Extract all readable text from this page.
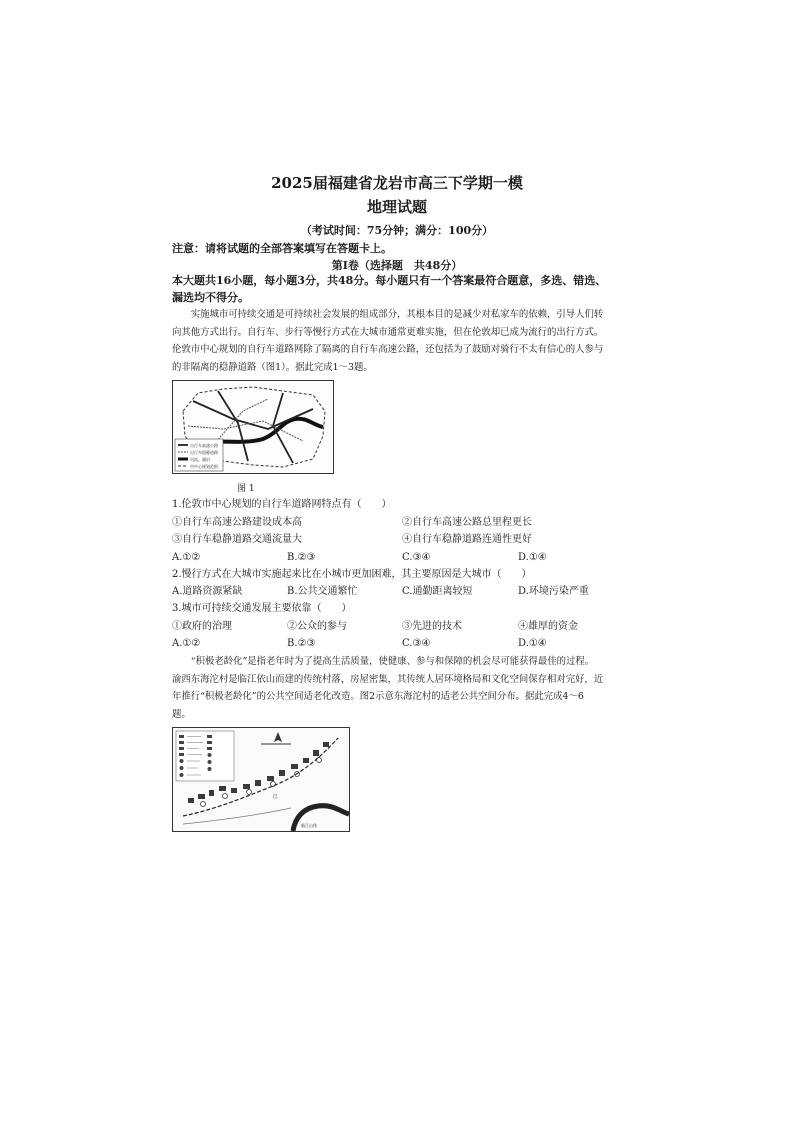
2025届福建省龙岩市高三下学期一模
地理试题
（考试时间：75分钟；满分：100分）
注意：请将试题的全部答案填写在答题卡上。
第Ⅰ卷（选择题　共48分）
本大题共16小题，每小题3分，共48分。每小题只有一个答案最符合题意，多选、错选、
漏选均不得分。
实施城市可持续交通是可持续社会发展的组成部分，其根本目的是减少对私家车的依赖，引导人们转
向其他方式出行。自行车、步行等慢行方式在大城市通常更难实施，但在伦敦却已成为流行的出行方式。
伦敦市中心规划的自行车道路网除了隔离的自行车高速公路，还包括为了鼓励对骑行不太有信心的人参与
的非隔离的稳静道路（图1）。据此完成1～3题。
自行车高速公路
自行车稳静道路
河流、湖泊
市中心规划范围
图 1
1.伦敦市中心规划的自行车道路网特点有（　　）
①自行车高速公路建设成本高	②自行车高速公路总里程更长
③自行车稳静道路交通流量大	④自行车稳静道路连通性更好
A.①②	B.②③	C.③④	D.①④
2.慢行方式在大城市实施起来比在小城市更加困难，其主要原因是大城市（　　）
A.道路资源紧缺	B.公共交通繁忙	C.通勤距离较短	D.环境污染严重
3.城市可持续交通发展主要依靠（　　）
①政府的治理	②公众的参与	③先进的技术	④雄厚的资金
A.①②	B.②③	C.③④	D.①④
“积极老龄化”是指老年时为了提高生活质量，使健康、参与和保障的机会尽可能获得最佳的过程。
渝西东海沱村是临江依山而建的传统村落，房屋密集，其传统人居环境格局和文化空间保存相对完好，近
年推行“积极老龄化”的公共空间适老化改造。图2示意东海沱村的适老公共空间分布。据此完成4～6
题。
江
临江山体
